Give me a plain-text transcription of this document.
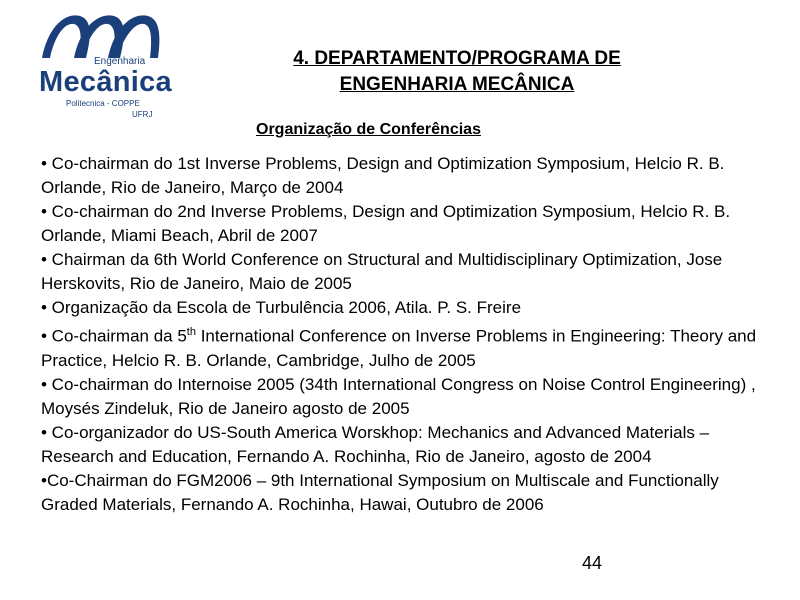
Engenharia
Mecânica
Politecnica - COPPE
UFRJ
4. DEPARTAMENTO/PROGRAMA DE
ENGENHARIA MECÂNICA
Organização de Conferências

• Co-chairman do 1st Inverse Problems, Design and Optimization Symposium, Helcio R. B. Orlande, Rio de Janeiro, Março de 2004

• Co-chairman do 2nd Inverse Problems, Design and Optimization Symposium, Helcio R. B. Orlande, Miami Beach, Abril de 2007

• Chairman da 6th World Conference on Structural and Multidisciplinary Optimization, Jose Herskovits, Rio de Janeiro, Maio de 2005

• Organização da Escola de Turbulência 2006, Atila. P. S. Freire

• Co-chairman da 5th International Conference on Inverse Problems in Engineering: Theory and Practice, Helcio R. B. Orlande, Cambridge, Julho de 2005

• Co-chairman do Internoise 2005 (34th International Congress on Noise Control Engineering) , Moysés Zindeluk, Rio de Janeiro agosto de 2005

• Co-organizador do US-South America Worskhop: Mechanics and Advanced Materials – Research and Education, Fernando A. Rochinha, Rio de Janeiro, agosto de 2004

•Co-Chairman do FGM2006 – 9th International Symposium on Multiscale and Functionally Graded Materials, Fernando A. Rochinha, Hawai, Outubro de 2006

44
